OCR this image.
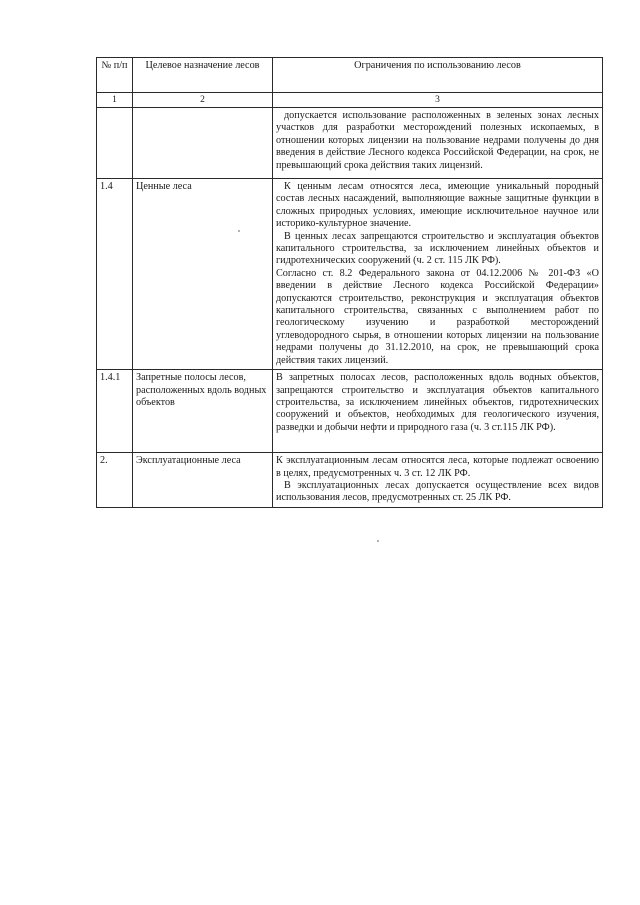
№ п/п	Целевое назначение лесов	Ограничения по использованию лесов
1	2	3

		допускается использование расположенных в зеленых зонах лесных участков для разработки месторождений полезных ископаемых, в отношении которых лицензии на пользование недрами получены до дня введения в действие Лесного кодекса Российской Федерации, на срок, не превышающий срока действия таких лицензий.

1.4	Ценные леса	К ценным лесам относятся леса, имеющие уникальный породный состав лесных насаждений, выполняющие важные защитные функции в сложных природных условиях, имеющие исключительное научное или историко-культурное значение.

В ценных лесах запрещаются строительство и эксплуатация объектов капитального строительства, за исключением линейных объектов и гидротехнических сооружений (ч. 2 ст. 115 ЛК РФ).

Согласно ст. 8.2 Федерального закона от 04.12.2006 № 201-ФЗ «О введении в действие Лесного кодекса Российской Федерации» допускаются строительство, реконструкция и эксплуатация объектов капитального строительства, связанных с выполнением работ по геологическому изучению и разработкой месторождений углеводородного сырья, в отношении которых лицензии на пользование недрами получены до 31.12.2010, на срок, не превышающий срока действия таких лицензий.

1.4.1	Запретные полосы лесов, расположенных вдоль водных объектов	В запретных полосах лесов, расположенных вдоль водных объектов, запрещаются строительство и эксплуатация объектов капитального строительства, за исключением линейных объектов, гидротехнических сооружений и объектов, необходимых для геологического изучения, разведки и добычи нефти и природного газа (ч. 3 ст.115 ЛК РФ).

2.	Эксплуатационные леса	К эксплуатационным лесам относятся леса, которые подлежат освоению в целях, предусмотренных ч. 3 ст. 12 ЛК РФ.

В эксплуатационных лесах допускается осуществление всех видов использования лесов, предусмотренных ст. 25 ЛК РФ.
